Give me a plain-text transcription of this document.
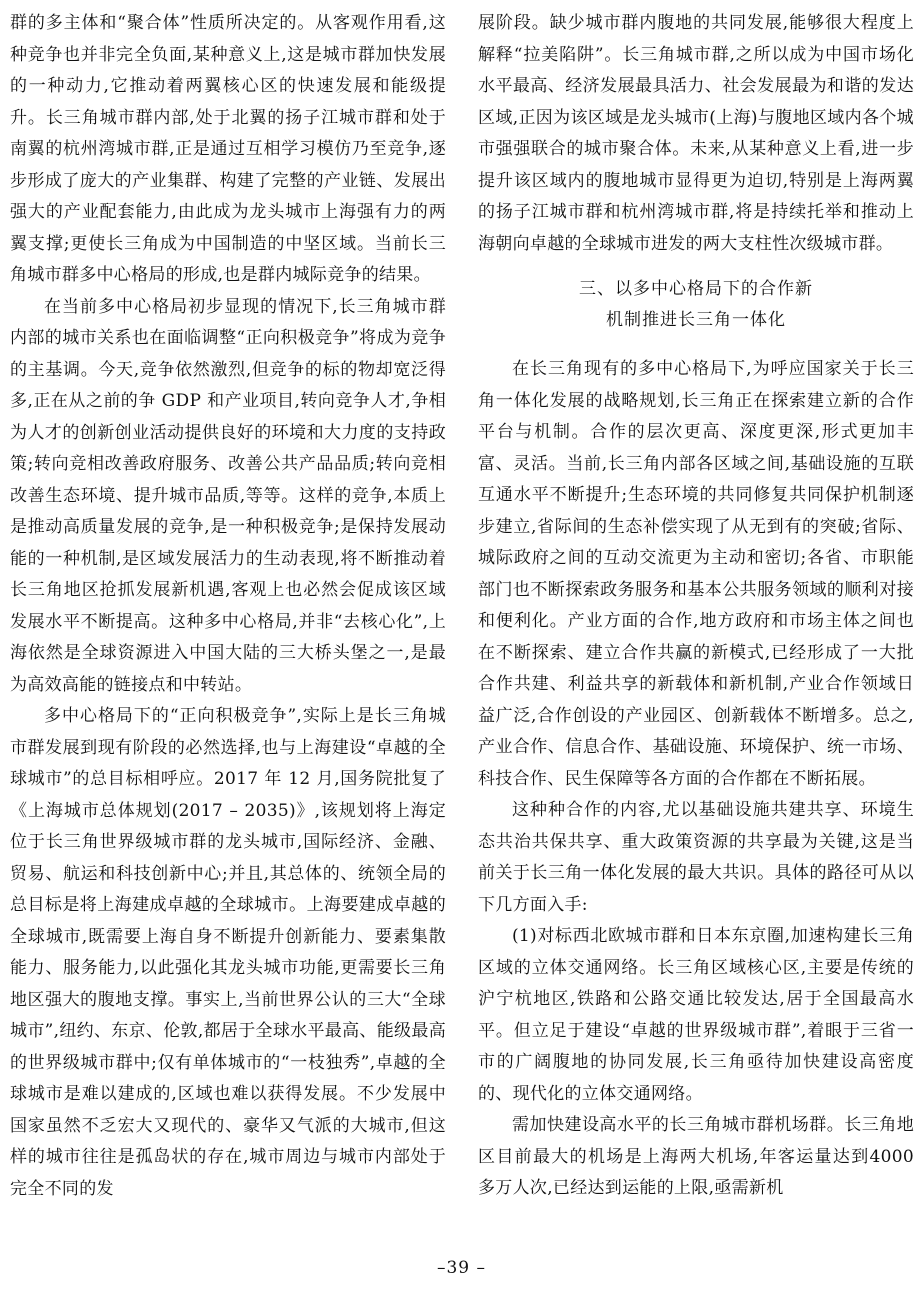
群的多主体和“聚合体”性质所决定的。从客观作用看,这种竞争也并非完全负面,某种意义上,这是城市群加快发展的一种动力,它推动着两翼核心区的快速发展和能级提升。长三角城市群内部,处于北翼的扬子江城市群和处于南翼的杭州湾城市群,正是通过互相学习模仿乃至竞争,逐步形成了庞大的产业集群、构建了完整的产业链、发展出强大的产业配套能力,由此成为龙头城市上海强有力的两翼支撑;更使长三角成为中国制造的中坚区域。当前长三角城市群多中心格局的形成,也是群内城际竞争的结果。

在当前多中心格局初步显现的情况下,长三角城市群内部的城市关系也在面临调整“正向积极竞争”将成为竞争的主基调。今天,竞争依然激烈,但竞争的标的物却宽泛得多,正在从之前的争 GDP 和产业项目,转向竞争人才,争相为人才的创新创业活动提供良好的环境和大力度的支持政策;转向竞相改善政府服务、改善公共产品品质;转向竞相改善生态环境、提升城市品质,等等。这样的竞争,本质上是推动高质量发展的竞争,是一种积极竞争;是保持发展动能的一种机制,是区域发展活力的生动表现,将不断推动着长三角地区抢抓发展新机遇,客观上也必然会促成该区域发展水平不断提高。这种多中心格局,并非“去核心化”,上海依然是全球资源进入中国大陆的三大桥头堡之一,是最为高效高能的链接点和中转站。

多中心格局下的“正向积极竞争”,实际上是长三角城市群发展到现有阶段的必然选择,也与上海建设“卓越的全球城市”的总目标相呼应。2017 年 12 月,国务院批复了《上海城市总体规划(2017 – 2035)》,该规划将上海定位于长三角世界级城市群的龙头城市,国际经济、金融、贸易、航运和科技创新中心;并且,其总体的、统领全局的总目标是将上海建成卓越的全球城市。上海要建成卓越的全球城市,既需要上海自身不断提升创新能力、要素集散能力、服务能力,以此强化其龙头城市功能,更需要长三角地区强大的腹地支撑。事实上,当前世界公认的三大“全球城市”,纽约、东京、伦敦,都居于全球水平最高、能级最高的世界级城市群中;仅有单体城市的“一枝独秀”,卓越的全球城市是难以建成的,区域也难以获得发展。不少发展中国家虽然不乏宏大又现代的、豪华又气派的大城市,但这样的城市往往是孤岛状的存在,城市周边与城市内部处于完全不同的发

展阶段。缺少城市群内腹地的共同发展,能够很大程度上解释“拉美陷阱”。长三角城市群,之所以成为中国市场化水平最高、经济发展最具活力、社会发展最为和谐的发达区域,正因为该区域是龙头城市(上海)与腹地区域内各个城市强强联合的城市聚合体。未来,从某种意义上看,进一步提升该区域内的腹地城市显得更为迫切,特别是上海两翼的扬子江城市群和杭州湾城市群,将是持续托举和推动上海朝向卓越的全球城市进发的两大支柱性次级城市群。

三、以多中心格局下的合作新
机制推进长三角一体化

在长三角现有的多中心格局下,为呼应国家关于长三角一体化发展的战略规划,长三角正在探索建立新的合作平台与机制。合作的层次更高、深度更深,形式更加丰富、灵活。当前,长三角内部各区域之间,基础设施的互联互通水平不断提升;生态环境的共同修复共同保护机制逐步建立,省际间的生态补偿实现了从无到有的突破;省际、城际政府之间的互动交流更为主动和密切;各省、市职能部门也不断探索政务服务和基本公共服务领域的顺利对接和便利化。产业方面的合作,地方政府和市场主体之间也在不断探索、建立合作共赢的新模式,已经形成了一大批合作共建、利益共享的新载体和新机制,产业合作领域日益广泛,合作创设的产业园区、创新载体不断增多。总之,产业合作、信息合作、基础设施、环境保护、统一市场、科技合作、民生保障等各方面的合作都在不断拓展。

这种种合作的内容,尤以基础设施共建共享、环境生态共治共保共享、重大政策资源的共享最为关键,这是当前关于长三角一体化发展的最大共识。具体的路径可从以下几方面入手:

(1)对标西北欧城市群和日本东京圈,加速构建长三角区域的立体交通网络。长三角区域核心区,主要是传统的沪宁杭地区,铁路和公路交通比较发达,居于全国最高水平。但立足于建设“卓越的世界级城市群”,着眼于三省一市的广阔腹地的协同发展,长三角亟待加快建设高密度的、现代化的立体交通网络。

需加快建设高水平的长三角城市群机场群。长三角地区目前最大的机场是上海两大机场,年客运量达到4000 多万人次,已经达到运能的上限,亟需新机

–39 –
